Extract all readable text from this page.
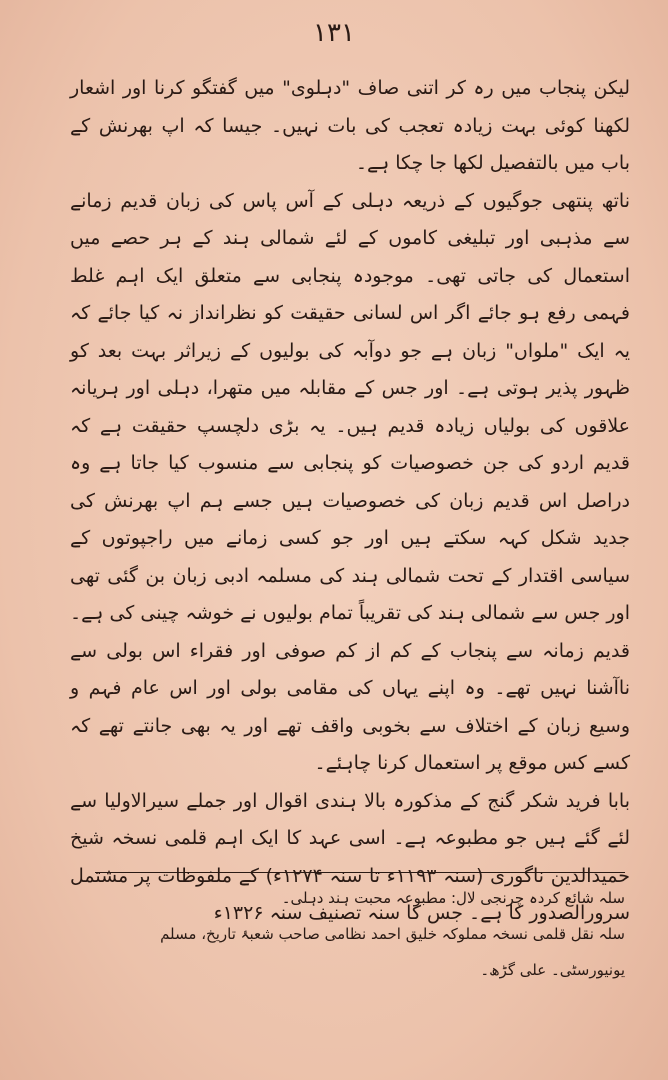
١٣١

لیکن پنجاب میں رہ کر اتنی صاف "دہلوی" میں گفتگو کرنا اور اشعار لکھنا کوئی بہت زیادہ تعجب کی بات نہیں۔ جیسا کہ اپ بھرنش کے باب میں بالتفصیل لکھا جا چکا ہے۔

ناتھ پنتھی جوگیوں کے ذریعہ دہلی کے آس پاس کی زبان قدیم زمانے سے مذہبی اور تبلیغی کاموں کے لئے شمالی ہند کے ہر حصے میں استعمال کی جاتی تھی۔ موجودہ پنجابی سے متعلق ایک اہم غلط فہمی رفع ہو جائے اگر اس لسانی حقیقت کو نظرانداز نہ کیا جائے کہ یہ ایک "ملواں" زبان ہے جو دوآبہ کی بولیوں کے زیراثر بہت بعد کو ظہور پذیر ہوتی ہے۔ اور جس کے مقابلہ میں متھرا، دہلی اور ہریانہ علاقوں کی بولیاں زیادہ قدیم ہیں۔ یہ بڑی دلچسپ حقیقت ہے کہ قدیم اردو کی جن خصوصیات کو پنجابی سے منسوب کیا جاتا ہے وہ دراصل اس قدیم زبان کی خصوصیات ہیں جسے ہم اپ بھرنش کی جدید شکل کہہ سکتے ہیں اور جو کسی زمانے میں راجپوتوں کے سیاسی اقتدار کے تحت شمالی ہند کی مسلمہ ادبی زبان بن گئی تھی اور جس سے شمالی ہند کی تقریباً تمام بولیوں نے خوشہ چینی کی ہے۔ قدیم زمانہ سے پنجاب کے کم از کم صوفی اور فقراء اس بولی سے ناآشنا نہیں تھے۔ وہ اپنے یہاں کی مقامی بولی اور اس عام فہم و وسیع زبان کے اختلاف سے بخوبی واقف تھے اور یہ بھی جانتے تھے کہ کسے کس موقع پر استعمال کرنا چاہئے۔

بابا فرید شکر گنج کے مذکورہ بالا ہندی اقوال اور جملے سیرالاولیا سے لئے گئے ہیں جو مطبوعہ ہے۔ اسی عہد کا ایک اہم قلمی نسخہ شیخ حمیدالدین ناگوری (سنہ ۱۱۹۳ء تا سنہ ۱۲۷۴ء) کے ملفوظات پر مشتمل سرورالصدور کا ہے۔ جس کا سنہ تصنیف سنہ ۱۳۲۶ء

سلہ شائع کردہ چرنجی لال: مطبوعہ محبت ہند دہلی۔

سلہ نقل قلمی نسخہ مملوکہ خلیق احمد نظامی صاحب شعبۂ تاریخ، مسلم یونیورسٹی۔ علی گڑھ۔
